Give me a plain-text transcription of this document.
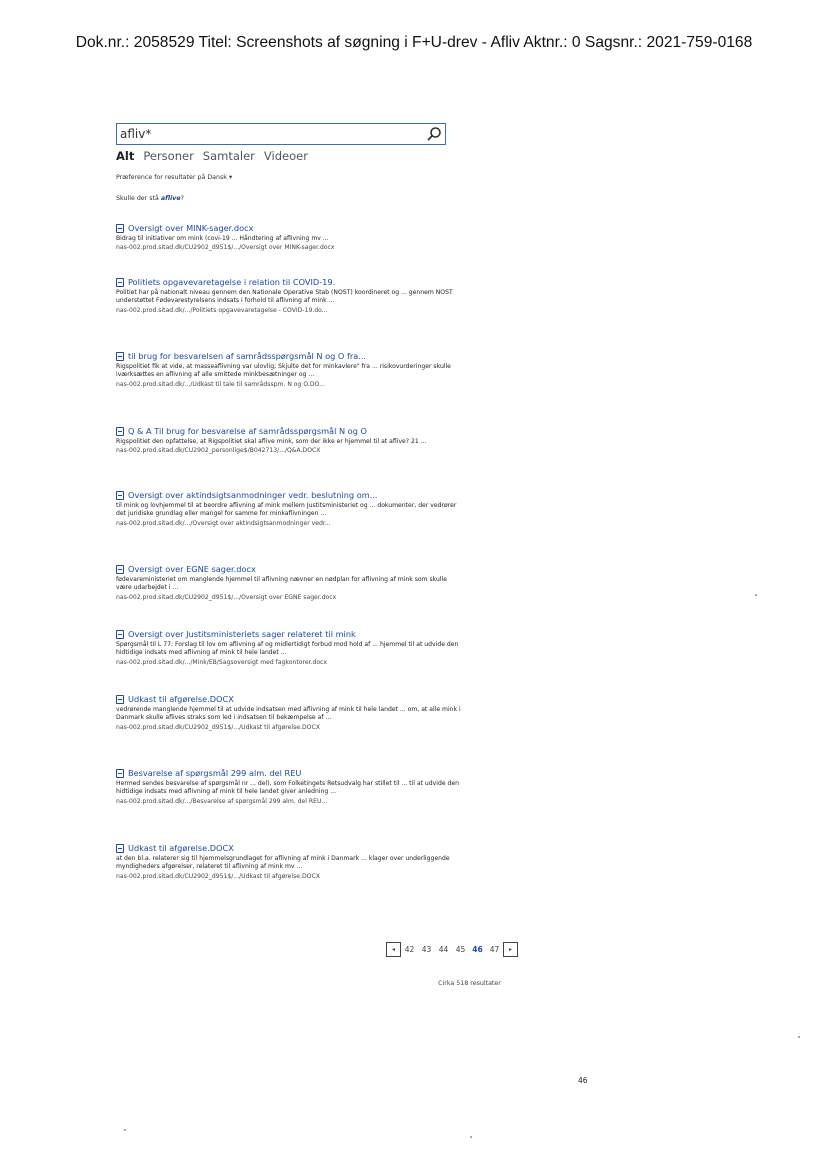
Dok.nr.: 2058529 Titel: Screenshots af søgning i F+U-drev - Afliv Aktnr.: 0 Sagsnr.: 2021-759-0168
afliv*
Alt Personer Samtaler Videoer
Præference for resultater på Dansk ▾
Skulle der stå aflive?
Oversigt over MINK-sager.docx
Bidrag til initiativer om mink (covi-19 ... Håndtering af aflivning mv ...
nas-002.prod.sitad.dk/CU2902_d951$/.../Oversigt over MINK-sager.docx
Politiets opgavevaretagelse i relation til COVID-19.
Politiet har på nationalt niveau gennem den Nationale Operative Stab (NOST) koordineret og ... gennem NOST understøttet Fødevarestyrelsens indsats i forhold til aflivning af mink ...
nas-002.prod.sitad.dk/.../Politiets opgavevaretagelse - COVID-19.do...
til brug for besvarelsen af samrådsspørgsmål N og O fra...
Rigspolitiet fik at vide, at masseaflivning var ulovlig; Skjulte det for minkavlere" fra ... risikovurderinger skulle iværksættes en aflivning af alle smittede minkbesætninger og ...
nas-002.prod.sitad.dk/.../Udkast til tale til samrådsspm. N og O.DO...
Q & A Til brug for besvarelse af samrådsspørgsmål N og O
Rigspolitiet den opfattelse, at Rigspolitiet skal aflive mink, som der ikke er hjemmel til at aflive? 21 ...
nas-002.prod.sitad.dk/CU2902_personlige$/B042713/.../Q&A.DOCX
Oversigt over aktindsigtsanmodninger vedr. beslutning om...
til mink og lovhjemmel til at beordre aflivning af mink mellem Justitsministeriet og ... dokumenter, der vedrører det juridiske grundlag eller mangel for samme for minkaflivningen ...
nas-002.prod.sitad.dk/.../Oversigt over aktindsigtsanmodninger vedr...
Oversigt over EGNE sager.docx
fødevareministeriet om manglende hjemmel til aflivning nævner en nødplan for aflivning af mink som skulle være udarbejdet i ...
nas-002.prod.sitad.dk/CU2902_d951$/.../Oversigt over EGNE sager.docx
Oversigt over Justitsministeriets sager relateret til mink
Spørgsmål til L 77: Forslag til lov om aflivning af og midlertidigt forbud mod hold af ... hjemmel til at udvide den hidtidige indsats med aflivning af mink til hele landet ...
nas-002.prod.sitad.dk/.../Mink/EB/Sagsoversigt med fagkontorer.docx
Udkast til afgørelse.DOCX
vedrørende manglende hjemmel til at udvide indsatsen med aflivning af mink til hele landet ... om, at alle mink i Danmark skulle aflives straks som led i indsatsen til bekæmpelse af ...
nas-002.prod.sitad.dk/CU2902_d951$/.../Udkast til afgørelse.DOCX
Besvarelse af spørgsmål 299 alm. del REU
Hermed sendes besvarelse af spørgsmål nr ... del), som Folketingets Retsudvalg har stillet til ... til at udvide den hidtidige indsats med aflivning af mink til hele landet giver anledning ...
nas-002.prod.sitad.dk/.../Besvarelse af spørgsmål 299 alm. del REU...
Udkast til afgørelse.DOCX
at den bl.a. relaterer sig til hjemmelsgrundlaget for aflivning af mink i Danmark ... klager over underliggende myndigheders afgørelser, relateret til aflivning af mink mv ...
nas-002.prod.sitad.dk/CU2902_d951$/.../Udkast til afgørelse.DOCX
◂	42 43 44 45 46 47	▸
Cirka 518 resultater
46
